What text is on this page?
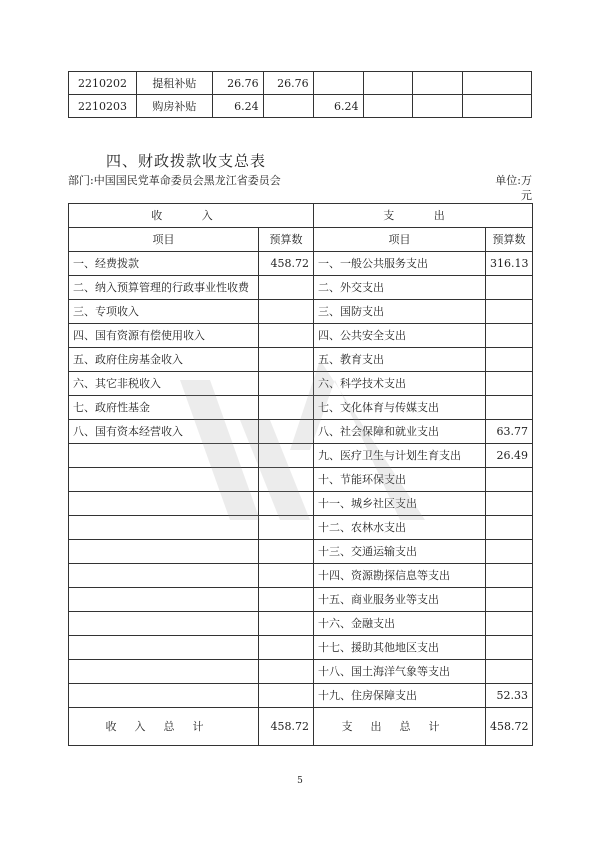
2210202	提租补贴	26.76	26.76				
2210203	购房补贴	6.24		6.24			
四、财政拨款收支总表
部门:中国国民党革命委员会黑龙江省委员会	单位:万元
收 入		支 出	
项目	预算数	项目	预算数
一、经费拨款	458.72	一、一般公共服务支出	316.13
二、纳入预算管理的行政事业性收费		二、外交支出	
三、专项收入		三、国防支出	
四、国有资源有偿使用收入		四、公共安全支出	
五、政府住房基金收入		五、教育支出	
六、其它非税收入		六、科学技术支出	
七、政府性基金		七、文化体育与传媒支出	
八、国有资本经营收入		八、社会保障和就业支出	63.77
		九、医疗卫生与计划生育支出	26.49
		十、节能环保支出	
		十一、城乡社区支出	
		十二、农林水支出	
		十三、交通运输支出	
		十四、资源勘探信息等支出	
		十五、商业服务业等支出	
		十六、金融支出	
		十七、援助其他地区支出	
		十八、国土海洋气象等支出	
		十九、住房保障支出	52.33
收入总计	458.72	支出总计	458.72
5
